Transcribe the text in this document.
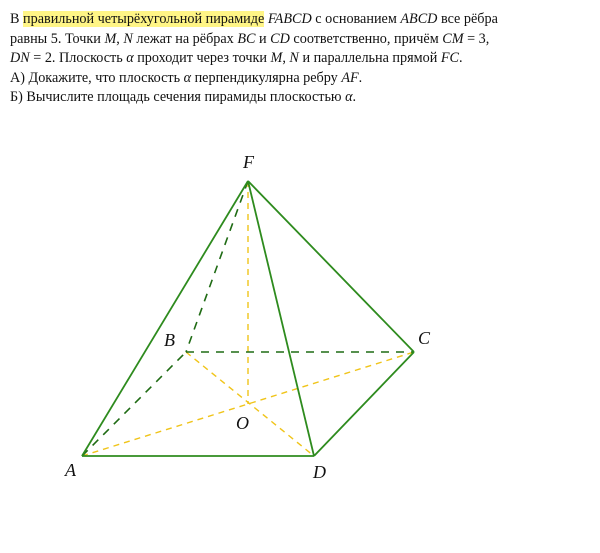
В правильной четырёхугольной пирамиде FABCD с основанием ABCD все рёбра

равны 5. Точки M, N лежат на рёбрах BC и CD соответственно, причём CM = 3,

DN = 2. Плоскость α проходит через точки M, N и параллельна прямой FC.

А) Докажите, что плоскость α перпендикулярна ребру AF.

Б) Вычислите площадь сечения пирамиды плоскостью α.

F
B	C
O
A	D
